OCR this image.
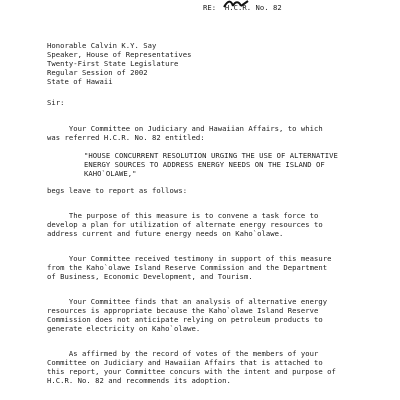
RE:  H.C.R. No. 82
Honorable Calvin K.Y. Say
Speaker, House of Representatives
Twenty-First State Legislature
Regular Session of 2002
State of Hawaii
Sir:
Your Committee on Judiciary and Hawaiian Affairs, to which
was referred H.C.R. No. 82 entitled:
"HOUSE CONCURRENT RESOLUTION URGING THE USE OF ALTERNATIVE
ENERGY SOURCES TO ADDRESS ENERGY NEEDS ON THE ISLAND OF
KAHO`OLAWE,"
begs leave to report as follows:
The purpose of this measure is to convene a task force to
develop a plan for utilization of alternate energy resources to
address current and future energy needs on Kaho`olawe.
Your Committee received testimony in support of this measure
from the Kaho`olawe Island Reserve Commission and the Department
of Business, Economic Development, and Tourism.
Your Committee finds that an analysis of alternative energy
resources is appropriate because the Kaho`olawe Island Reserve
Commission does not anticipate relying on petroleum products to
generate electricity on Kaho`olawe.
As affirmed by the record of votes of the members of your
Committee on Judiciary and Hawaiian Affairs that is attached to
this report, your Committee concurs with the intent and purpose of
H.C.R. No. 82 and recommends its adoption.
